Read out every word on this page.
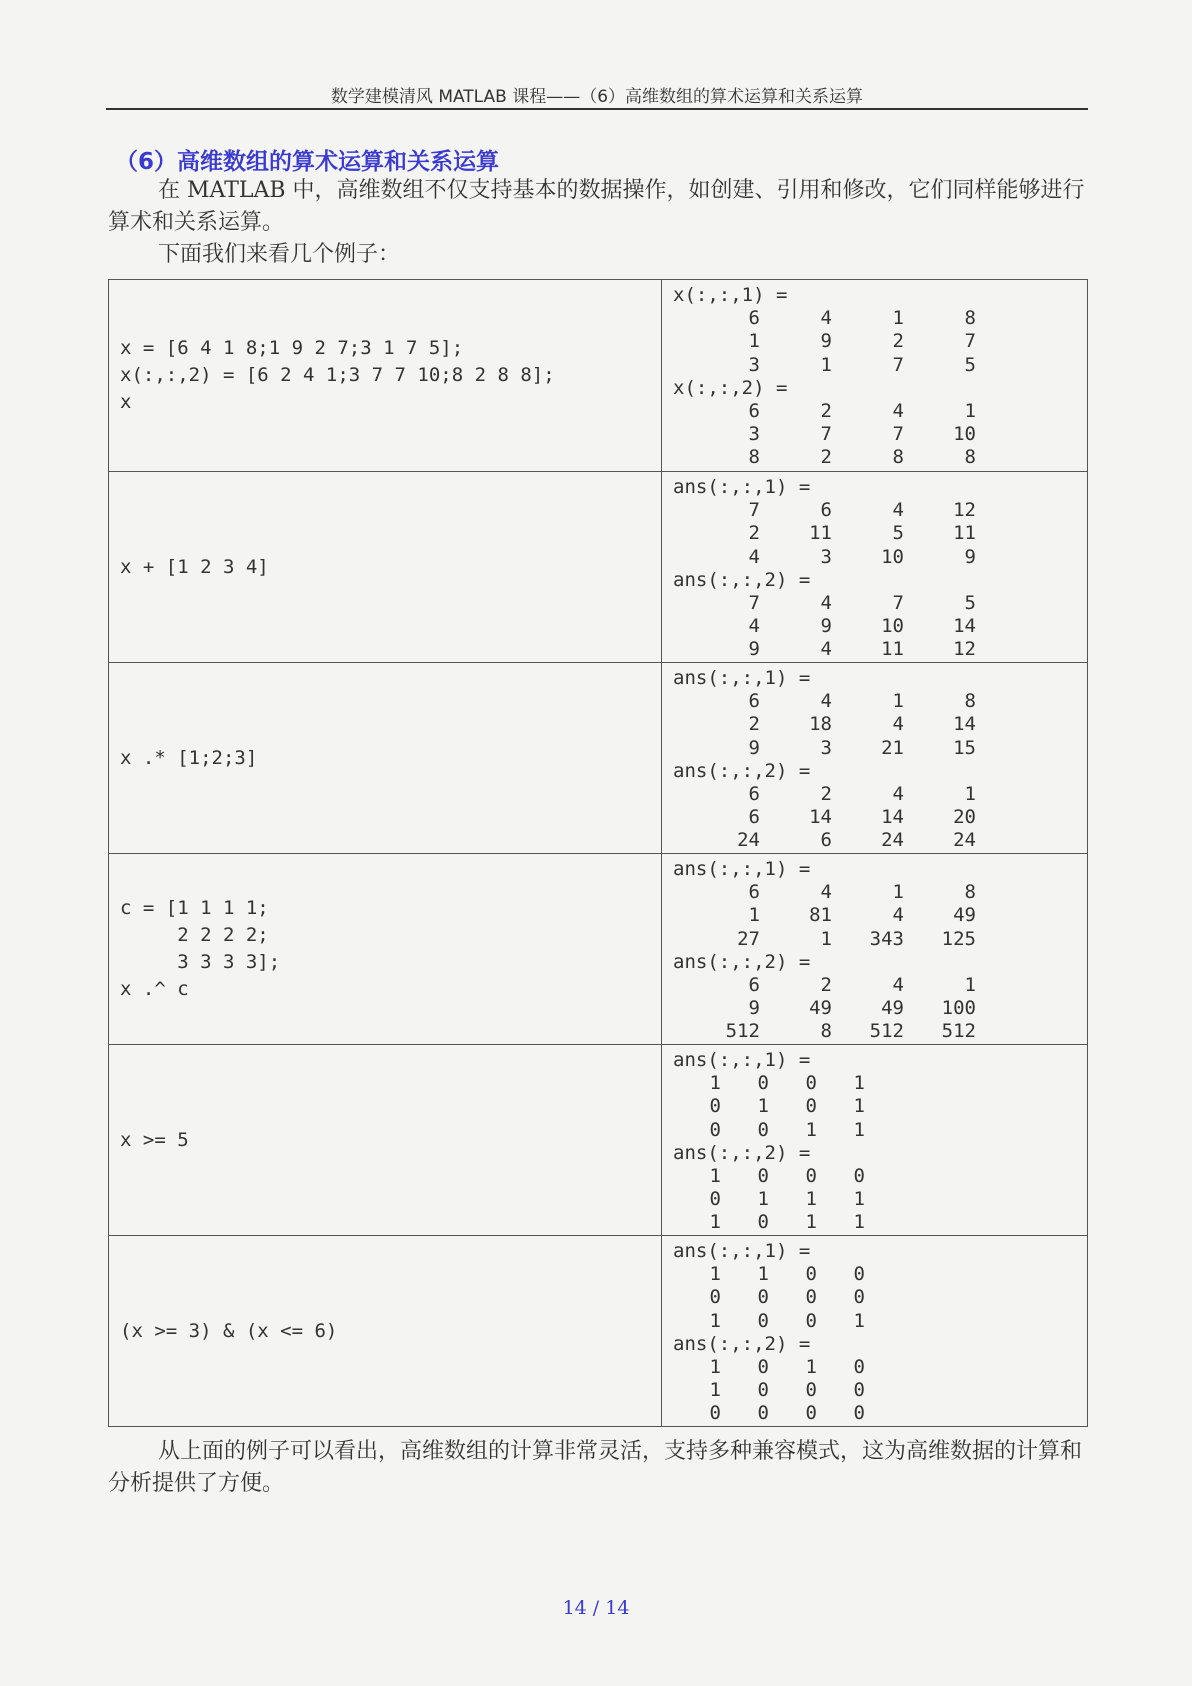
数学建模清风 MATLAB 课程——（6）高维数组的算术运算和关系运算
（6）高维数组的算术运算和关系运算
在 MATLAB 中，高维数组不仅支持基本的数据操作，如创建、引用和修改，它们同样能够进行算术和关系运算。
下面我们来看几个例子：
x = [6 4 1 8;1 9 2 7;3 1 7 5];
x(:,:,2) = [6 2 4 1;3 7 7 10;8 2 8 8];
x
x(:,:,1) =
6	4	1	8
1	9	2	7
3	1	7	5
x(:,:,2) =
6	2	4	1
3	7	7	10
8	2	8	8
x + [1 2 3 4]
ans(:,:,1) =
7	6	4	12
2	11	5	11
4	3	10	9
ans(:,:,2) =
7	4	7	5
4	9	10	14
9	4	11	12
x .* [1;2;3]
ans(:,:,1) =
6	4	1	8
2	18	4	14
9	3	21	15
ans(:,:,2) =
6	2	4	1
6	14	14	20
24	6	24	24
c = [1 1 1 1;
2 2 2 2;
3 3 3 3];
x .^ c
ans(:,:,1) =
6	4	1	8
1	81	4	49
27	1	343	125
ans(:,:,2) =
6	2	4	1
9	49	49	100
512	8	512	512
x >= 5
ans(:,:,1) =
1	0	0	1
0	1	0	1
0	0	1	1
ans(:,:,2) =
1	0	0	0
0	1	1	1
1	0	1	1
(x >= 3) & (x <= 6)
ans(:,:,1) =
1	1	0	0
0	0	0	0
1	0	0	1
ans(:,:,2) =
1	0	1	0
1	0	0	0
0	0	0	0
从上面的例子可以看出，高维数组的计算非常灵活，支持多种兼容模式，这为高维数据的计算和分析提供了方便。
14 / 14
